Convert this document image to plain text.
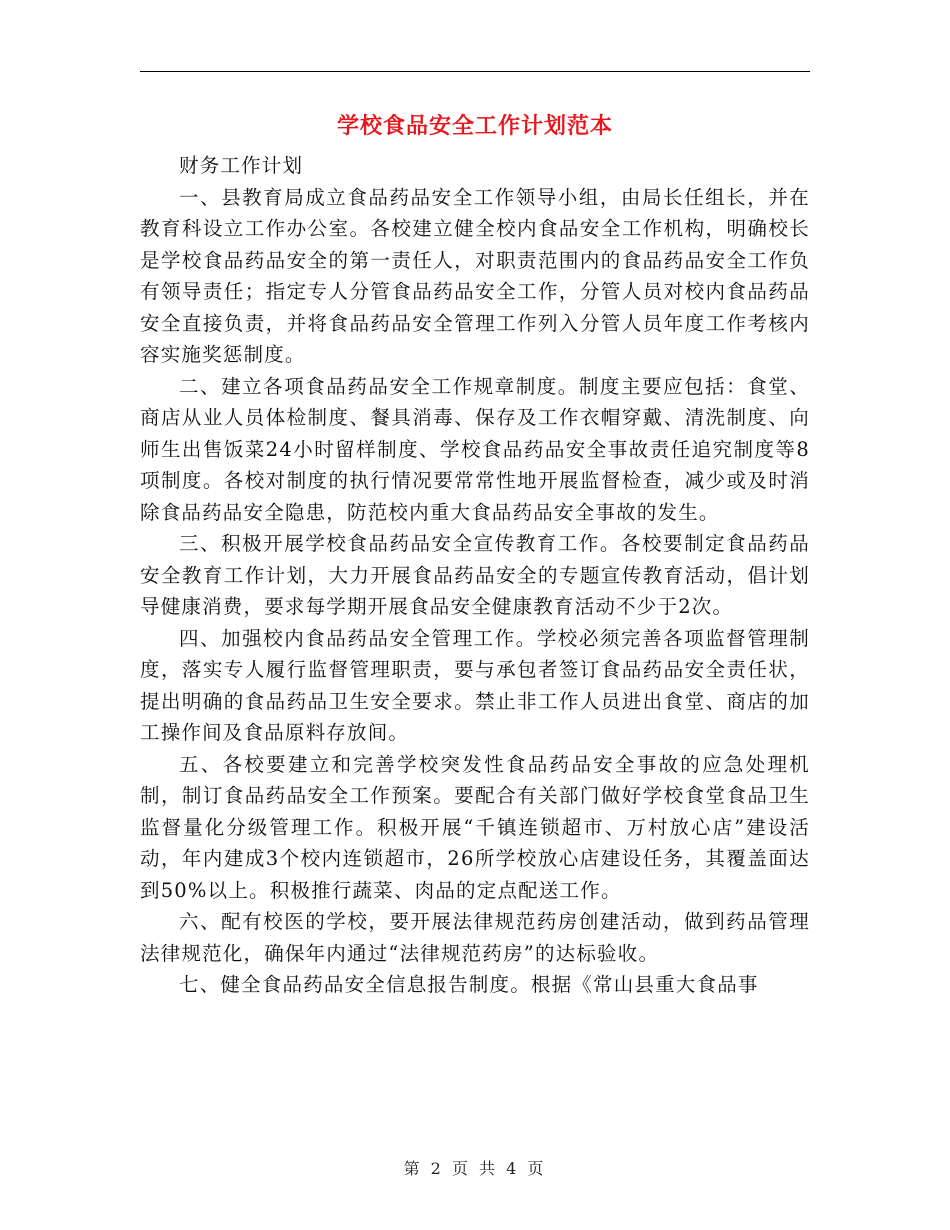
学校食品安全工作计划范本

财务工作计划

一、县教育局成立食品药品安全工作领导小组，由局长任组长，并在教育科设立工作办公室。各校建立健全校内食品安全工作机构，明确校长是学校食品药品安全的第一责任人，对职责范围内的食品药品安全工作负有领导责任；指定专人分管食品药品安全工作，分管人员对校内食品药品安全直接负责，并将食品药品安全管理工作列入分管人员年度工作考核内容实施奖惩制度。

二、建立各项食品药品安全工作规章制度。制度主要应包括：食堂、商店从业人员体检制度、餐具消毒、保存及工作衣帽穿戴、清洗制度、向师生出售饭菜24小时留样制度、学校食品药品安全事故责任追究制度等8项制度。各校对制度的执行情况要常常性地开展监督检查，减少或及时消除食品药品安全隐患，防范校内重大食品药品安全事故的发生。

三、积极开展学校食品药品安全宣传教育工作。各校要制定食品药品安全教育工作计划，大力开展食品药品安全的专题宣传教育活动，倡计划导健康消费，要求每学期开展食品安全健康教育活动不少于2次。

四、加强校内食品药品安全管理工作。学校必须完善各项监督管理制度，落实专人履行监督管理职责，要与承包者签订食品药品安全责任状，提出明确的食品药品卫生安全要求。禁止非工作人员进出食堂、商店的加工操作间及食品原料存放间。

五、各校要建立和完善学校突发性食品药品安全事故的应急处理机制，制订食品药品安全工作预案。要配合有关部门做好学校食堂食品卫生监督量化分级管理工作。积极开展“千镇连锁超市、万村放心店”建设活动，年内建成3个校内连锁超市，26所学校放心店建设任务，其覆盖面达到50%以上。积极推行蔬菜、肉品的定点配送工作。

六、配有校医的学校，要开展法律规范药房创建活动，做到药品管理法律规范化，确保年内通过“法律规范药房”的达标验收。

七、健全食品药品安全信息报告制度。根据《常山县重大食品事

第 2 页 共 4 页
